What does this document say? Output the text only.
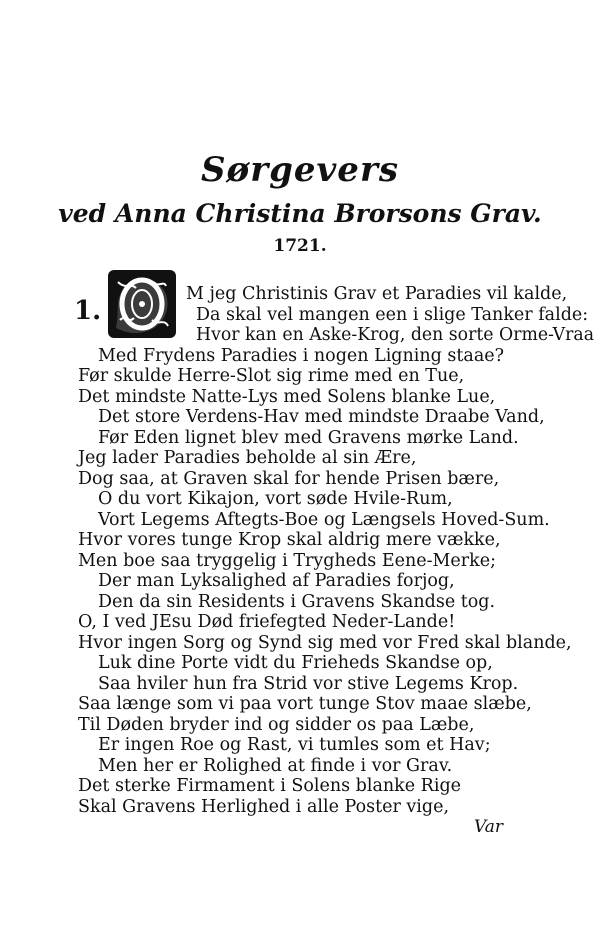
Sørgevers
ved Anna Christina Brorsons Grav.
1721.
1.
M jeg Christinis Grav et Paradies vil kalde,
Da skal vel mangen een i slige Tanker falde:
Hvor kan en Aske-Krog, den sorte Orme-Vraa
Med Frydens Paradies i nogen Ligning staae?
Før skulde Herre-Slot sig rime med en Tue,
Det mindste Natte-Lys med Solens blanke Lue,
Det store Verdens-Hav med mindste Draabe Vand,
Før Eden lignet blev med Gravens mørke Land.
Jeg lader Paradies beholde al sin Ære,
Dog saa, at Graven skal for hende Prisen bære,
O du vort Kikajon, vort søde Hvile-Rum,
Vort Legems Aftegts-Boe og Længsels Hoved-Sum.
Hvor vores tunge Krop skal aldrig mere vække,
Men boe saa tryggelig i Trygheds Eene-Merke;
Der man Lyksalighed af Paradies forjog,
Den da sin Residents i Gravens Skandse tog.
O, I ved JEsu Død friefegted Neder-Lande!
Hvor ingen Sorg og Synd sig med vor Fred skal blande,
Luk dine Porte vidt du Frieheds Skandse op,
Saa hviler hun fra Strid vor stive Legems Krop.
Saa længe som vi paa vort tunge Stov maae slæbe,
Til Døden bryder ind og sidder os paa Læbe,
Er ingen Roe og Rast, vi tumles som et Hav;
Men her er Rolighed at finde i vor Grav.
Det sterke Firmament i Solens blanke Rige
Skal Gravens Herlighed i alle Poster vige,
Var
